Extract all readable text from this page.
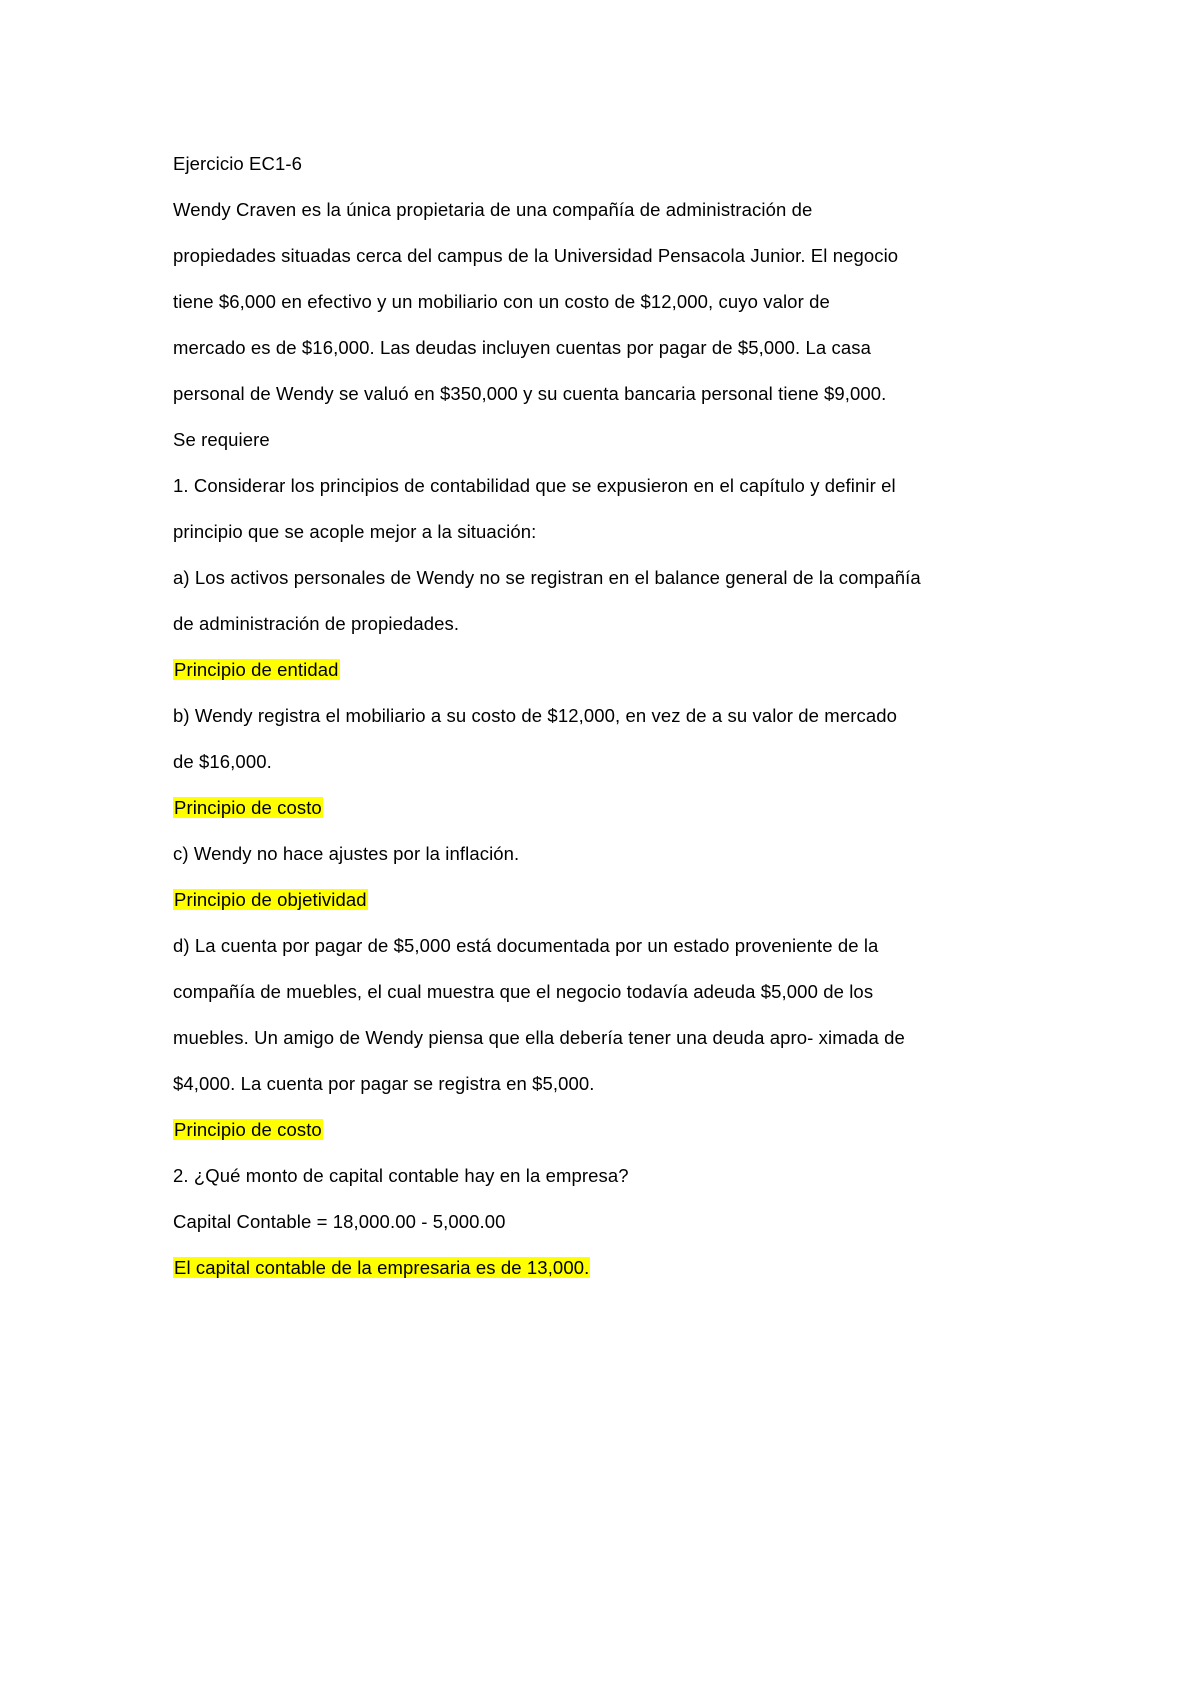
Ejercicio EC1-6
Wendy Craven es la única propietaria de una compañía de administración de
propiedades situadas cerca del campus de la Universidad Pensacola Junior. El negocio
tiene $6,000 en efectivo y un mobiliario con un costo de $12,000, cuyo valor de
mercado es de $16,000. Las deudas incluyen cuentas por pagar de $5,000. La casa
personal de Wendy se valuó en $350,000 y su cuenta bancaria personal tiene $9,000.
Se requiere
1. Considerar los principios de contabilidad que se expusieron en el capítulo y definir el
principio que se acople mejor a la situación:
a) Los activos personales de Wendy no se registran en el balance general de la compañía
de administración de propiedades.
Principio de entidad
b) Wendy registra el mobiliario a su costo de $12,000, en vez de a su valor de mercado
de $16,000.
Principio de costo
c) Wendy no hace ajustes por la inflación.
Principio de objetividad
d) La cuenta por pagar de $5,000 está documentada por un estado proveniente de la
compañía de muebles, el cual muestra que el negocio todavía adeuda $5,000 de los
muebles. Un amigo de Wendy piensa que ella debería tener una deuda apro- ximada de
$4,000. La cuenta por pagar se registra en $5,000.
Principio de costo
2. ¿Qué monto de capital contable hay en la empresa?
Capital Contable = 18,000.00 - 5,000.00
El capital contable de la empresaria es de 13,000.
